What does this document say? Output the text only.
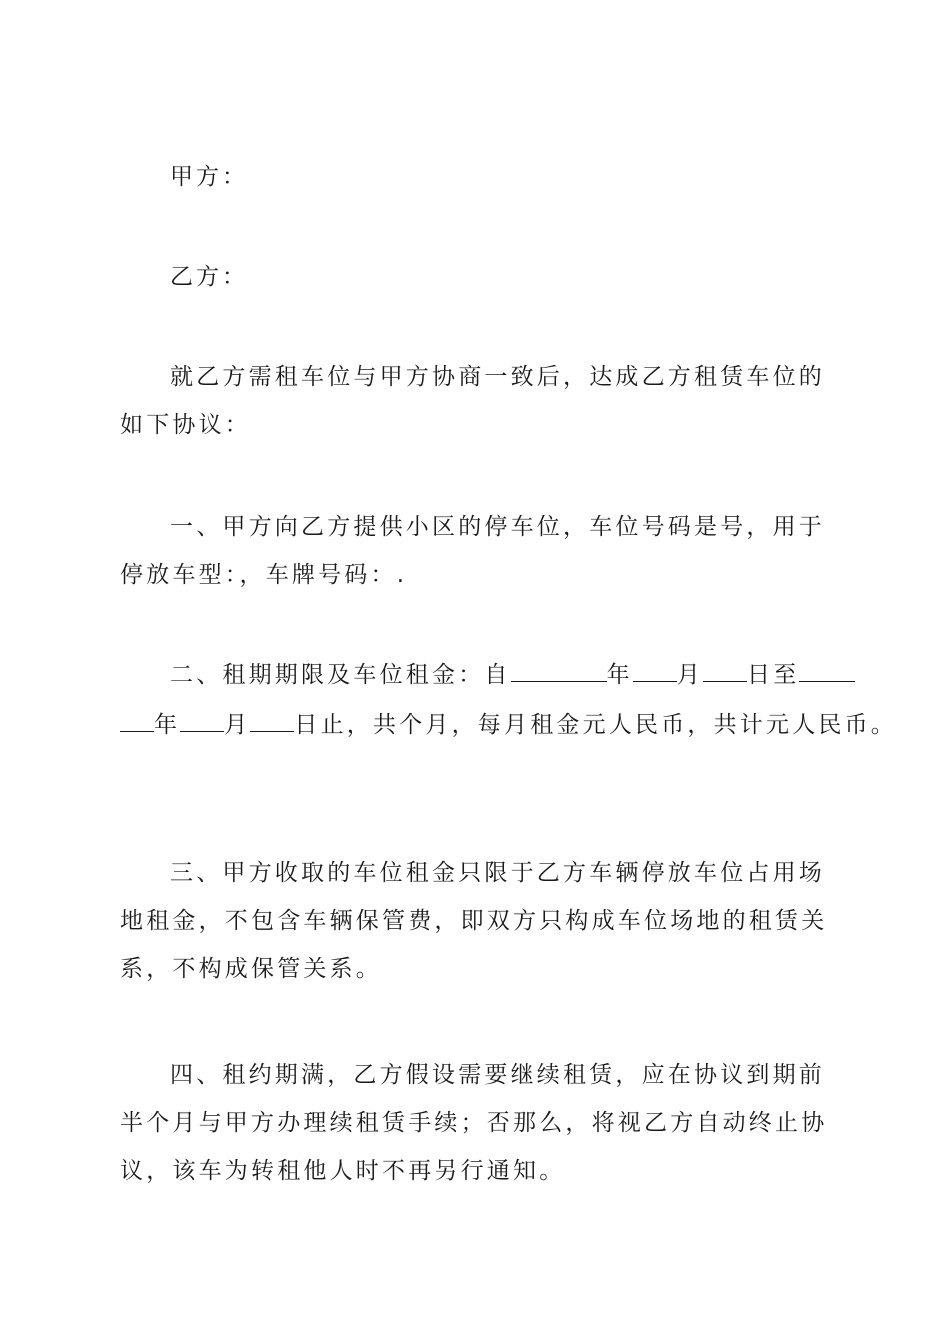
甲方：

乙方：

就乙方需租车位与甲方协商一致后，达成乙方租赁车位的如下协议：

一、甲方向乙方提供小区的停车位，车位号码是号，用于停放车型：，车牌号码：.

二、租期期限及车位租金：自	年 月 日至

年 月 日止，共个月，每月租金元人民币，共计元人民币。

三、甲方收取的车位租金只限于乙方车辆停放车位占用场地租金，不包含车辆保管费，即双方只构成车位场地的租赁关系，不构成保管关系。

四、租约期满，乙方假设需要继续租赁，应在协议到期前半个月与甲方办理续租赁手续；否那么，将视乙方自动终止协议，该车为转租他人时不再另行通知。
